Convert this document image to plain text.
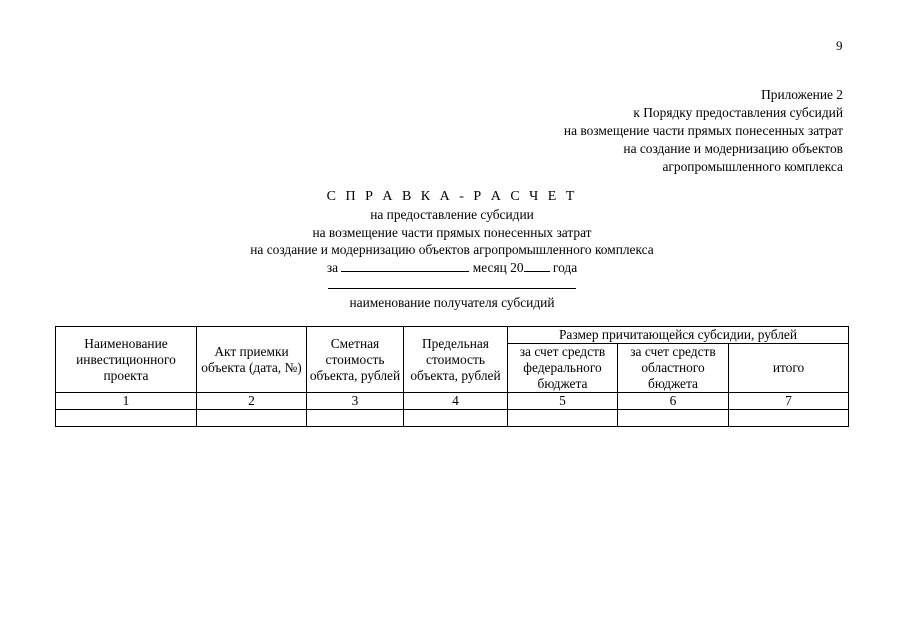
9
Приложение 2
к Порядку предоставления субсидий
на возмещение части прямых понесенных затрат
на создание и модернизацию объектов
агропромышленного комплекса
С П Р А В К А - Р А С Ч Е Т
на предоставление субсидии
на возмещение части прямых понесенных затрат
на создание и модернизацию объектов агропромышленного комплекса
за	месяц 20 года
наименование получателя субсидий
Наименование инвестиционного проекта	Акт приемки объекта (дата, №)	Сметная стоимость объекта, рублей	Предельная стоимость объекта, рублей	Размер причитающейся субсидии, рублей		
				за счет средств федерального бюджета	за счет средств областного бюджета	итого
1	2	3	4	5	6	7
